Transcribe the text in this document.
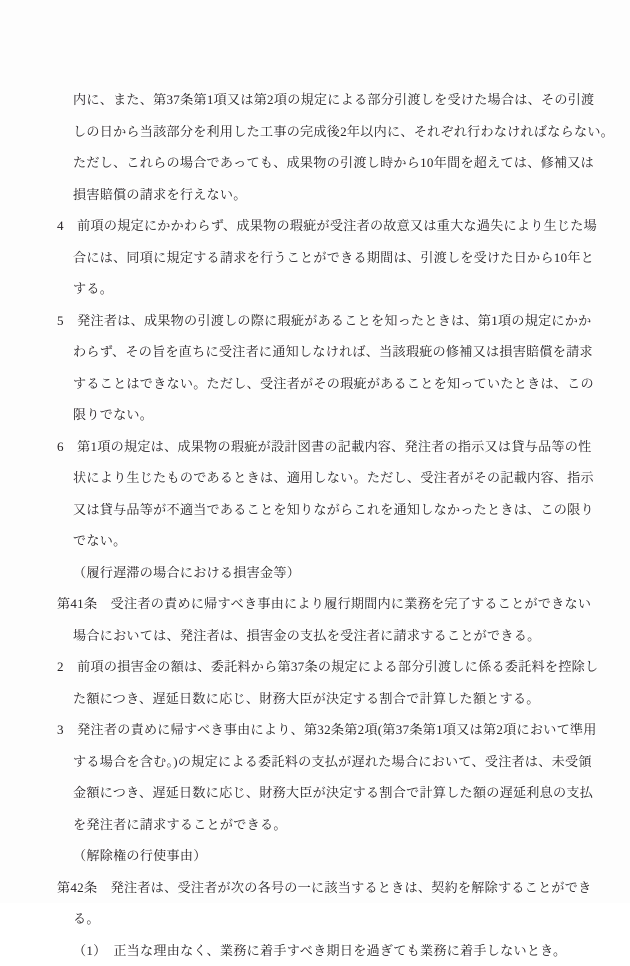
内に、また、第37条第1項又は第2項の規定による部分引渡しを受けた場合は、その引渡
しの日から当該部分を利用した工事の完成後2年以内に、それぞれ行わなければならない。
ただし、これらの場合であっても、成果物の引渡し時から10年間を超えては、修補又は
損害賠償の請求を行えない。
4　前項の規定にかかわらず、成果物の瑕疵が受注者の故意又は重大な過失により生じた場
合には、同項に規定する請求を行うことができる期間は、引渡しを受けた日から10年と
する。
5　発注者は、成果物の引渡しの際に瑕疵があることを知ったときは、第1項の規定にかか
わらず、その旨を直ちに受注者に通知しなければ、当該瑕疵の修補又は損害賠償を請求
することはできない。ただし、受注者がその瑕疵があることを知っていたときは、この
限りでない。
6　第1項の規定は、成果物の瑕疵が設計図書の記載内容、発注者の指示又は貸与品等の性
状により生じたものであるときは、適用しない。ただし、受注者がその記載内容、指示
又は貸与品等が不適当であることを知りながらこれを通知しなかったときは、この限り
でない。
（履行遅滞の場合における損害金等）
第41条　受注者の責めに帰すべき事由により履行期間内に業務を完了することができない
場合においては、発注者は、損害金の支払を受注者に請求することができる。
2　前項の損害金の額は、委託料から第37条の規定による部分引渡しに係る委託料を控除し
た額につき、遅延日数に応じ、財務大臣が決定する割合で計算した額とする。
3　発注者の責めに帰すべき事由により、第32条第2項(第37条第1項又は第2項において準用
する場合を含む。)の規定による委託料の支払が遅れた場合において、受注者は、未受領
金額につき、遅延日数に応じ、財務大臣が決定する割合で計算した額の遅延利息の支払
を発注者に請求することができる。
（解除権の行使事由）
第42条　発注者は、受注者が次の各号の一に該当するときは、契約を解除することができ
る。
（1）　正当な理由なく、業務に着手すべき期日を過ぎても業務に着手しないとき。
